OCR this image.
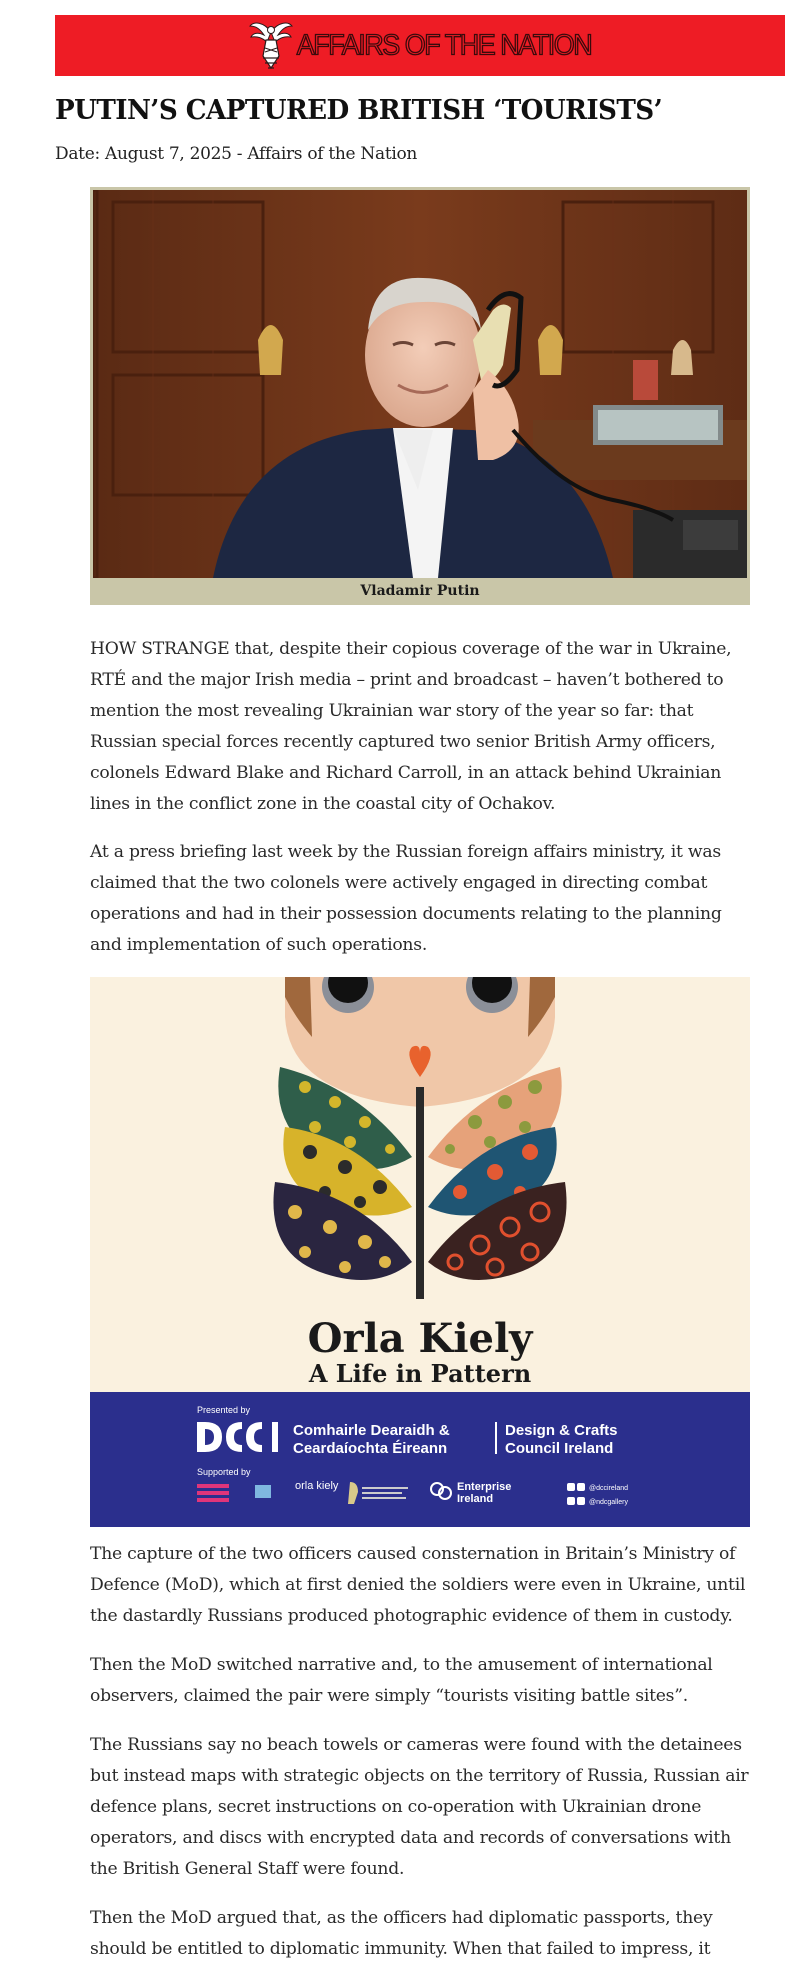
AFFAIRS OF THE NATION
PUTIN’S CAPTURED BRITISH ‘TOURISTS’
Date: August 7, 2025 - Affairs of the Nation
Vladamir Putin

HOW STRANGE that, despite their copious coverage of the war in Ukraine, RTÉ and the major Irish media – print and broadcast – haven’t bothered to mention the most revealing Ukrainian war story of the year so far: that Russian special forces recently captured two senior British Army officers, colonels Edward Blake and Richard Carroll, in an attack behind Ukrainian lines in the conflict zone in the coastal city of Ochakov.

At a press briefing last week by the Russian foreign affairs ministry, it was claimed that the two colonels were actively engaged in directing combat operations and had in their possession documents relating to the planning and implementation of such operations.

Orla Kiely
A Life in Pattern
Presented by
Comhairle Dearaidh &
Ceardaíochta Éireann
Design & Crafts
Council Ireland
Supported by
orla kiely	Enterprise
Ireland
@dccireland
@ndcgallery

The capture of the two officers caused consternation in Britain’s Ministry of Defence (MoD), which at first denied the soldiers were even in Ukraine, until the dastardly Russians produced photographic evidence of them in custody.

Then the MoD switched narrative and, to the amusement of international observers, claimed the pair were simply “tourists visiting battle sites”.

The Russians say no beach towels or cameras were found with the detainees but instead maps with strategic objects on the territory of Russia, Russian air defence plans, secret instructions on co-operation with Ukrainian drone operators, and discs with encrypted data and records of conversations with the British General Staff were found.

Then the MoD argued that, as the officers had diplomatic passports, they should be entitled to diplomatic immunity. When that failed to impress, it
